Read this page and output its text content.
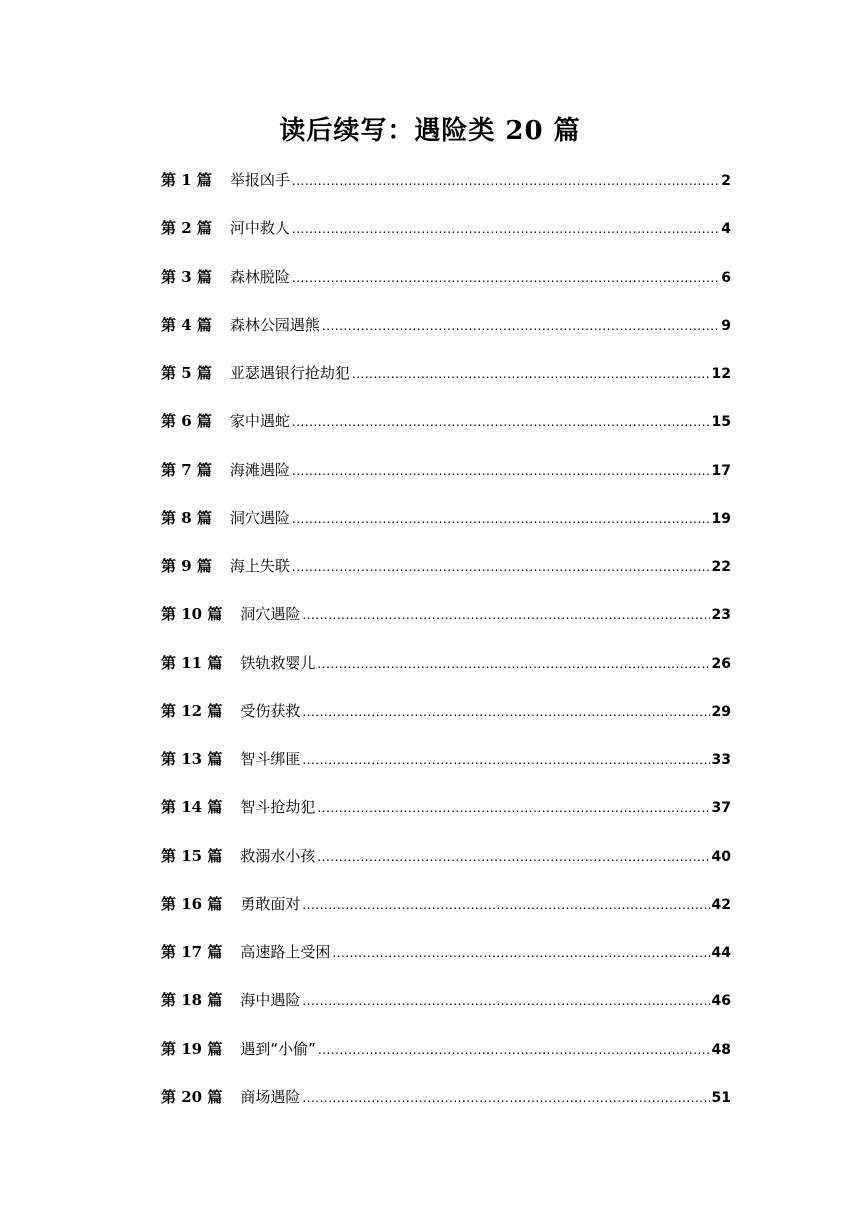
读后续写：遇险类 20 篇
第 1 篇 举报凶手 .....	2
第 2 篇 河中救人 .....	4
第 3 篇 森林脱险 .....	6
第 4 篇 森林公园遇熊 .....	9
第 5 篇 亚瑟遇银行抢劫犯 .....	12
第 6 篇 家中遇蛇 .....	15
第 7 篇 海滩遇险 .....	17
第 8 篇 洞穴遇险 .....	19
第 9 篇 海上失联 .....	22
第 10 篇 洞穴遇险 .....	23
第 11 篇 铁轨救婴儿 .....	26
第 12 篇 受伤获救 .....	29
第 13 篇 智斗绑匪 .....	33
第 14 篇 智斗抢劫犯 .....	37
第 15 篇 救溺水小孩 .....	40
第 16 篇 勇敢面对 .....	42
第 17 篇 高速路上受困 .....	44
第 18 篇 海中遇险 .....	46
第 19 篇 遇到“小偷” .....	48
第 20 篇 商场遇险 .....	51
